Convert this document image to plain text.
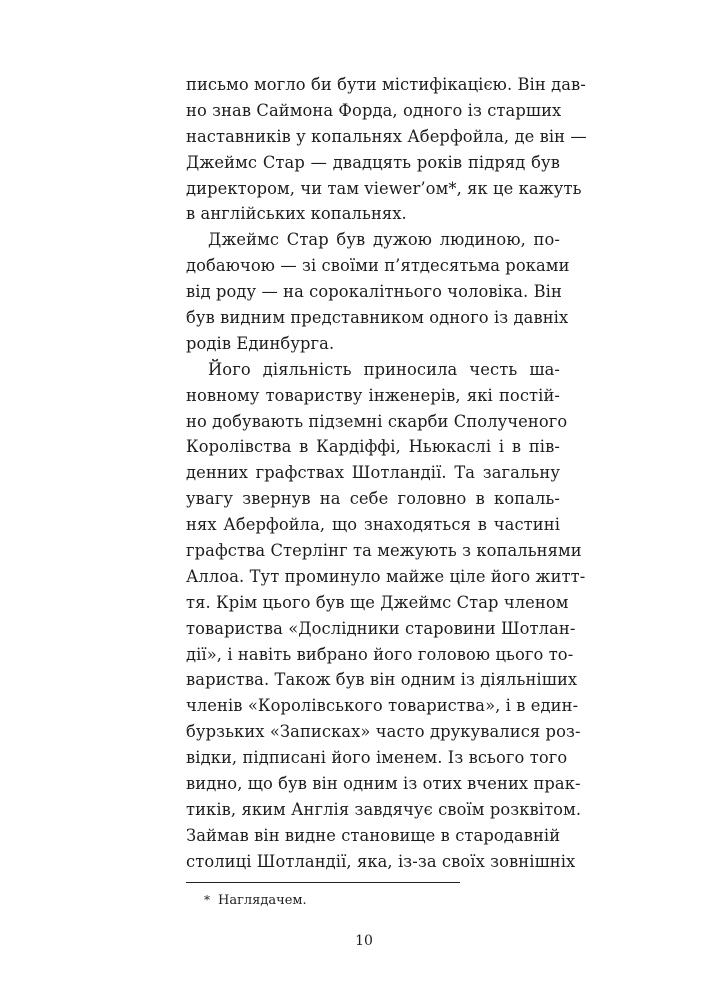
письмо могло би бути містифікацією. Він дав-
но знав Саймона Форда, одного із старших
наставників у копальнях Аберфойла, де він —
Джеймс Стар — двадцять років підряд був
директором, чи там viewer’ом*, як це кажуть
в англійських копальнях.
Джеймс Стар був дужою людиною, по-
добаючою — зі своїми п’ятдесятьма роками
від роду — на сорокалітнього чоловіка. Він
був видним представником одного із давніх
родів Единбурга.
Його діяльність приносила честь ша-
новному товариству інженерів, які постій-
но добувають підземні скарби Сполученого
Королівства в Кардіффі, Ньюкаслі і в пів-
денних графствах Шотландії. Та загальну
увагу звернув на себе головно в копаль-
нях Аберфойла, що знаходяться в частині
графства Стерлінг та межують з копальнями
Аллоа. Тут проминуло майже ціле його житт-
тя. Крім цього був ще Джеймс Стар членом
товариства «Дослідники старовини Шотлан-
дії», і навіть вибрано його головою цього то-
вариства. Також був він одним із діяльніших
членів «Королівського товариства», і в един-
бурзьких «Записках» часто друкувалися роз-
відки, підписані його іменем. Із всього того
видно, що був він одним із отих вчених прак-
тиків, яким Англія завдячує своїм розквітом.
Займав він видне становище в стародавній
столиці Шотландії, яка, із-за своїх зовнішніх
* Наглядачем.
10
